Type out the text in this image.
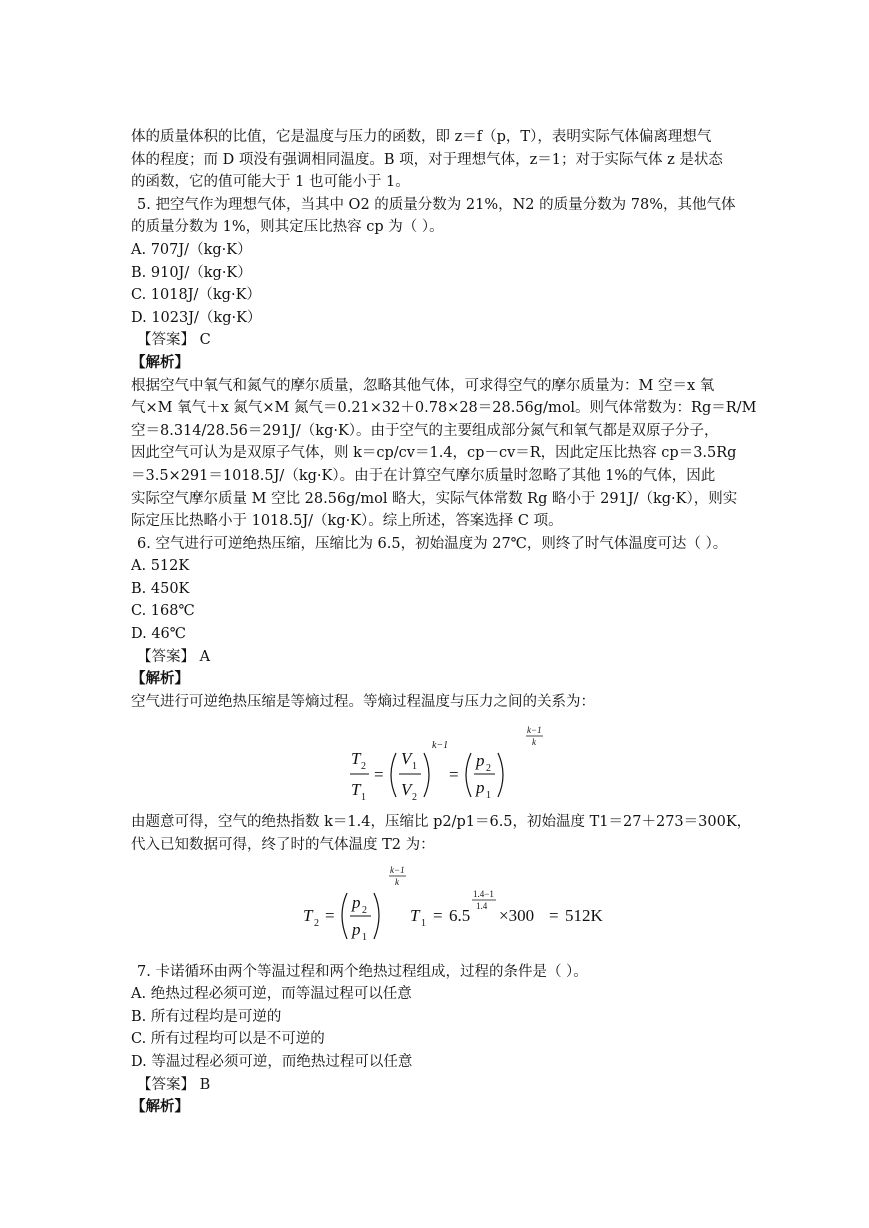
体的质量体积的比值，它是温度与压力的函数，即 z＝f（p，T），表明实际气体偏离理想气
体的程度；而 D 项没有强调相同温度。B 项，对于理想气体，z＝1；对于实际气体 z 是状态
的函数，它的值可能大于 1 也可能小于 1。
5. 把空气作为理想气体，当其中 O2 的质量分数为 21%，N2 的质量分数为 78%，其他气体
的质量分数为 1%，则其定压比热容 cp 为（ ）。
A. 707J/（kg·K）
B. 910J/（kg·K）
C. 1018J/（kg·K）
D. 1023J/（kg·K）
【答案】 C
【解析】
根据空气中氧气和氮气的摩尔质量，忽略其他气体，可求得空气的摩尔质量为：M 空＝x 氧
气×M 氧气＋x 氮气×M 氮气＝0.21×32＋0.78×28＝28.56g/mol。则气体常数为：Rg＝R/M
空＝8.314/28.56＝291J/（kg·K）。由于空气的主要组成部分氮气和氧气都是双原子分子，
因此空气可认为是双原子气体，则 k＝cp/cv＝1.4，cp－cv＝R，因此定压比热容 cp＝3.5Rg
＝3.5×291＝1018.5J/（kg·K）。由于在计算空气摩尔质量时忽略了其他 1%的气体，因此
实际空气摩尔质量 M 空比 28.56g/mol 略大，实际气体常数 Rg 略小于 291J/（kg·K），则实
际定压比热略小于 1018.5J/（kg·K）。综上所述，答案选择 C 项。
6. 空气进行可逆绝热压缩，压缩比为 6.5，初始温度为 27℃，则终了时气体温度可达（ ）。
A. 512K
B. 450K
C. 168℃
D. 46℃
【答案】 A
【解析】
空气进行可逆绝热压缩是等熵过程。等熵过程温度与压力之间的关系为：
T 2
T 1
=
V 1
V 2
k−1
=
p 2
p 1
k−1
k
由题意可得，空气的绝热指数 k＝1.4，压缩比 p2/p1＝6.5，初始温度 T1＝27＋273＝300K，
代入已知数据可得，终了时的气体温度 T2 为：
T 2 =
p 2
p 1
k−1
k
T 1 = 6.5
1.4−1
1.4 ×300 = 512K
7. 卡诺循环由两个等温过程和两个绝热过程组成，过程的条件是（ ）。
A. 绝热过程必须可逆，而等温过程可以任意
B. 所有过程均是可逆的
C. 所有过程均可以是不可逆的
D. 等温过程必须可逆，而绝热过程可以任意
【答案】 B
【解析】
